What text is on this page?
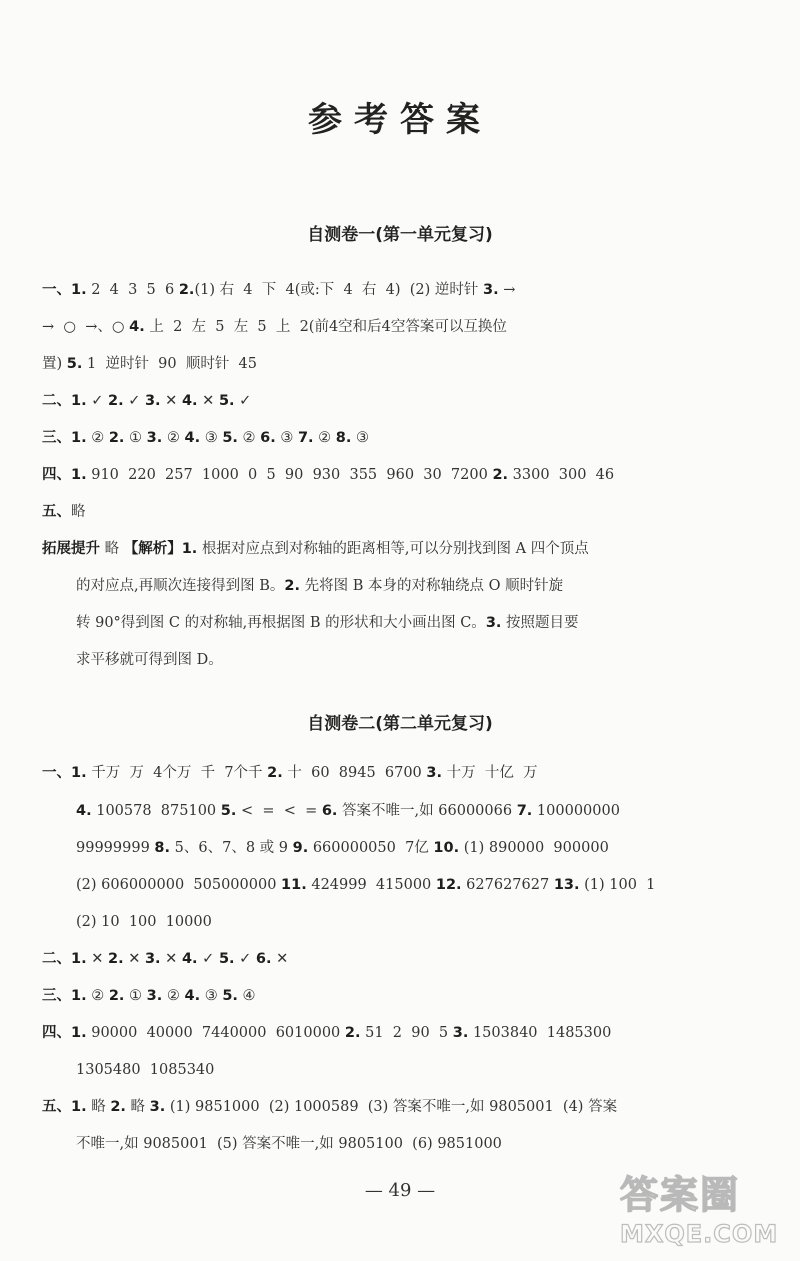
参考答案
自测卷一(第一单元复习)
一、1. 2  4  3  5  6 2.(1) 右  4  下  4(或:下  4  右  4)  (2) 逆时针 3. →
→  ○  →、○ 4. 上  2  左  5  左  5  上  2(前4空和后4空答案可以互换位
置) 5. 1  逆时针  90  顺时针  45
二、1. ✓ 2. ✓ 3. ✕ 4. ✕ 5. ✓
三、1. ② 2. ① 3. ② 4. ③ 5. ② 6. ③ 7. ② 8. ③
四、1. 910  220  257  1000  0  5  90  930  355  960  30  7200 2. 3300  300  46
五、略
拓展提升 略 【解析】1. 根据对应点到对称轴的距离相等,可以分别找到图 A 四个顶点
的对应点,再顺次连接得到图 B。2. 先将图 B 本身的对称轴绕点 O 顺时针旋
转 90°得到图 C 的对称轴,再根据图 B 的形状和大小画出图 C。3. 按照题目要
求平移就可得到图 D。
自测卷二(第二单元复习)
一、1. 千万  万  4个万  千  7个千 2. 十  60  8945  6700 3. 十万  十亿  万
4. 100578  875100 5. <  =  <  = 6. 答案不唯一,如 66000066 7. 100000000
99999999 8. 5、6、7、8 或 9 9. 660000050  7亿 10. (1) 890000  900000
(2) 606000000  505000000 11. 424999  415000 12. 627627627 13. (1) 100  1
(2) 10  100  10000
二、1. ✕ 2. ✕ 3. ✕ 4. ✓ 5. ✓ 6. ✕
三、1. ② 2. ① 3. ② 4. ③ 5. ④
四、1. 90000  40000  7440000  6010000 2. 51  2  90  5 3. 1503840  1485300
1305480  1085340
五、1. 略 2. 略 3. (1) 9851000  (2) 1000589  (3) 答案不唯一,如 9805001  (4) 答案
不唯一,如 9085001  (5) 答案不唯一,如 9805100  (6) 9851000
— 49 —	答案圈
MXQE.COM
